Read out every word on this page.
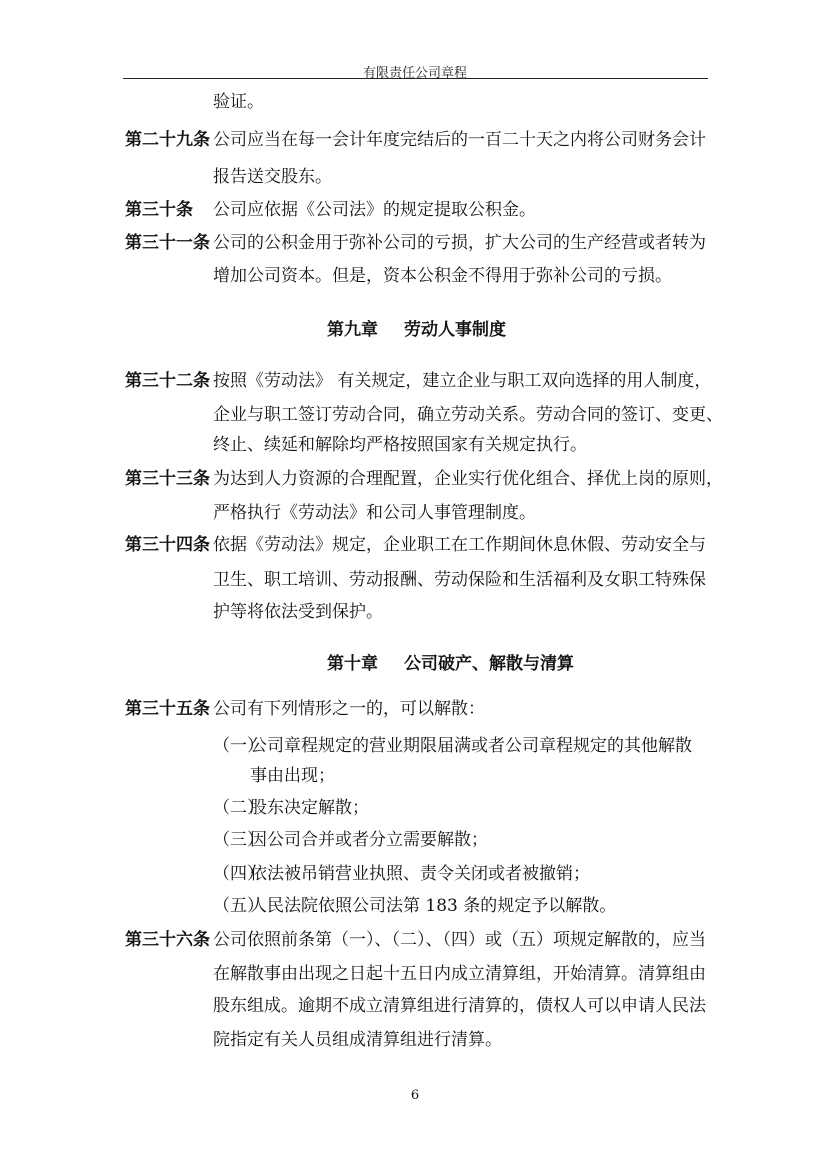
有限责任公司章程
验证。
第二十九条 公司应当在每一会计年度完结后的一百二十天之内将公司财务会计
报告送交股东。
第三十条 公司应依据《公司法》的规定提取公积金。
第三十一条 公司的公积金用于弥补公司的亏损，扩大公司的生产经营或者转为
增加公司资本。但是，资本公积金不得用于弥补公司的亏损。
第九章 劳动人事制度
第三十二条 按照《劳动法》 有关规定，建立企业与职工双向选择的用人制度，
企业与职工签订劳动合同，确立劳动关系。劳动合同的签订、变更、
终止、续延和解除均严格按照国家有关规定执行。
第三十三条 为达到人力资源的合理配置，企业实行优化组合、择优上岗的原则，
严格执行《劳动法》和公司人事管理制度。
第三十四条 依据《劳动法》规定，企业职工在工作期间休息休假、劳动安全与
卫生、职工培训、劳动报酬、劳动保险和生活福利及女职工特殊保
护等将依法受到保护。
第十章 公司破产、解散与清算
第三十五条 公司有下列情形之一的，可以解散：
（一）
公司章程规定的营业期限届满或者公司章程规定的其他解散
事由出现；
（二）
股东决定解散；
（三）
因公司合并或者分立需要解散；
（四）
依法被吊销营业执照、责令关闭或者被撤销；
（五）
人民法院依照公司法第 183 条的规定予以解散。
第三十六条 公司依照前条第（一）、（二）、（四）或（五）项规定解散的，应当
在解散事由出现之日起十五日内成立清算组，开始清算。清算组由
股东组成。逾期不成立清算组进行清算的，债权人可以申请人民法
院指定有关人员组成清算组进行清算。
6
